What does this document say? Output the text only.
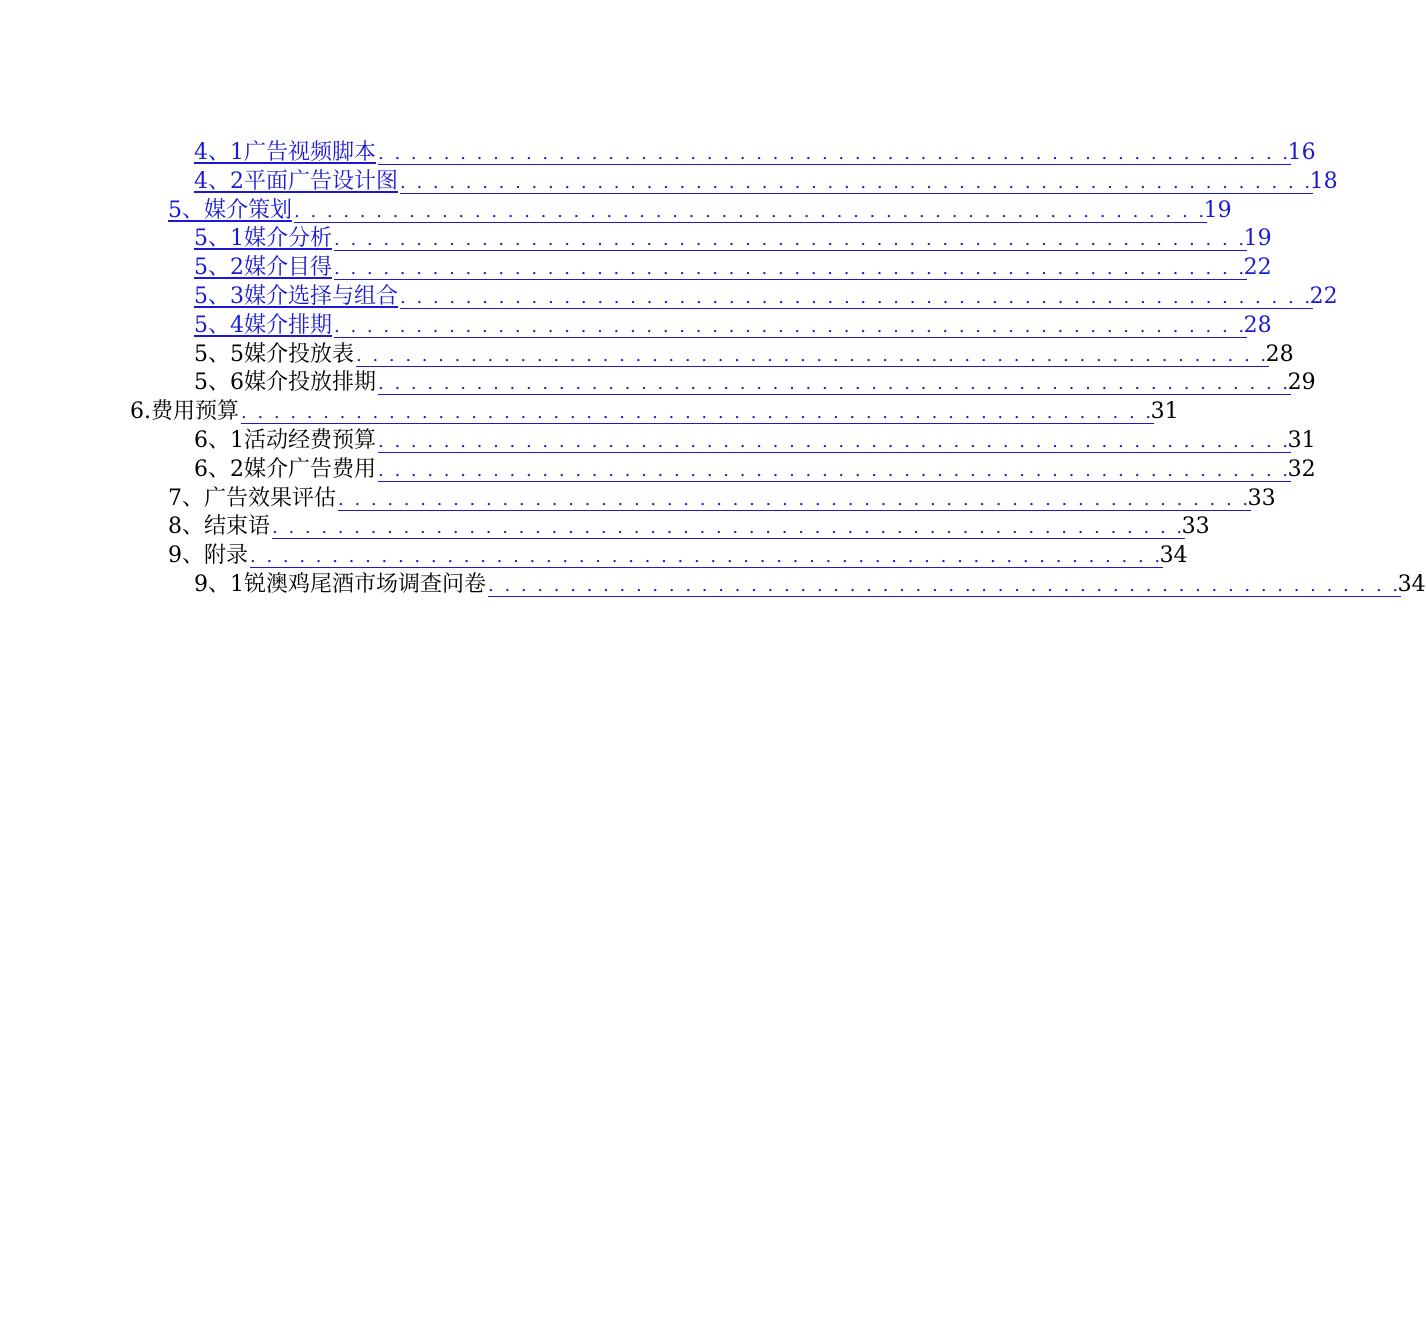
4、1广告视频脚本 . . . . . . . . . . . . . . . . . . . . . . . . . . . . . . . . . . . . . . . . . . . . . . . . . . . . . . . .
16
4、2平面广告设计图 . . . . . . . . . . . . . . . . . . . . . . . . . . . . . . . . . . . . . . . . . . . . . . . . . . . . . . . .
18
5、媒介策划 . . . . . . . . . . . . . . . . . . . . . . . . . . . . . . . . . . . . . . . . . . . . . . . . . . . . . . . .
19
5、1媒介分析 . . . . . . . . . . . . . . . . . . . . . . . . . . . . . . . . . . . . . . . . . . . . . . . . . . . . . . . .
19
5、2媒介目得 . . . . . . . . . . . . . . . . . . . . . . . . . . . . . . . . . . . . . . . . . . . . . . . . . . . . . . . .
22
5、3媒介选择与组合 . . . . . . . . . . . . . . . . . . . . . . . . . . . . . . . . . . . . . . . . . . . . . . . . . . . . . . . .
22
5、4媒介排期 . . . . . . . . . . . . . . . . . . . . . . . . . . . . . . . . . . . . . . . . . . . . . . . . . . . . . . . .
28
5、5媒介投放表 . . . . . . . . . . . . . . . . . . . . . . . . . . . . . . . . . . . . . . . . . . . . . . . . . . . . . . . .
28
5、6媒介投放排期 . . . . . . . . . . . . . . . . . . . . . . . . . . . . . . . . . . . . . . . . . . . . . . . . . . . . . . . .
29
6.费用预算 . . . . . . . . . . . . . . . . . . . . . . . . . . . . . . . . . . . . . . . . . . . . . . . . . . . . . . . .
31
6、1活动经费预算 . . . . . . . . . . . . . . . . . . . . . . . . . . . . . . . . . . . . . . . . . . . . . . . . . . . . . . . .
31
6、2媒介广告费用 . . . . . . . . . . . . . . . . . . . . . . . . . . . . . . . . . . . . . . . . . . . . . . . . . . . . . . . .
32
7、广告效果评估 . . . . . . . . . . . . . . . . . . . . . . . . . . . . . . . . . . . . . . . . . . . . . . . . . . . . . . . .
33
8、结束语 . . . . . . . . . . . . . . . . . . . . . . . . . . . . . . . . . . . . . . . . . . . . . . . . . . . . . . . .
33
9、附录 . . . . . . . . . . . . . . . . . . . . . . . . . . . . . . . . . . . . . . . . . . . . . . . . . . . . . . . .
34
9、1锐澳鸡尾酒市场调查问卷 . . . . . . . . . . . . . . . . . . . . . . . . . . . . . . . . . . . . . . . . . . . . . . . . . . . . . . . .
34
